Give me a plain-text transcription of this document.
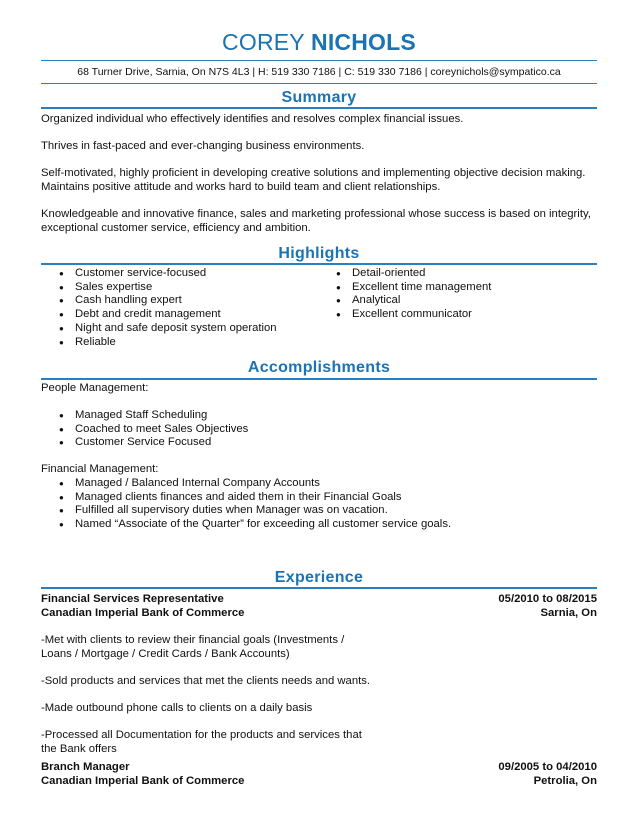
COREY NICHOLS
68 Turner Drive, Sarnia, On N7S 4L3 | H: 519 330 7186 | C: 519 330 7186 | coreynichols@sympatico.ca
Summary
Organized individual who effectively identifies and resolves complex financial issues.
Thrives in fast-paced and ever-changing business environments.
Self-motivated, highly proficient in developing creative solutions and implementing objective decision making. Maintains positive attitude and works hard to build team and client relationships.
Knowledgeable and innovative finance, sales and marketing professional whose success is based on integrity, exceptional customer service, efficiency and ambition.
Highlights
● Customer service-focused
● Sales expertise
● Cash handling expert
● Debt and credit management
● Night and safe deposit system operation
● Reliable
● Detail-oriented
● Excellent time management
● Analytical
● Excellent communicator
Accomplishments
People Management:
● Managed Staff Scheduling
● Coached to meet Sales Objectives
● Customer Service Focused
Financial Management:
● Managed / Balanced Internal Company Accounts
● Managed clients finances and aided them in their Financial Goals
● Fulfilled all supervisory duties when Manager was on vacation.
● Named “Associate of the Quarter” for exceeding all customer service goals.
Experience
Financial Services Representative	05/2010 to 08/2015
Canadian Imperial Bank of Commerce	Sarnia, On
-Met with clients to review their financial goals (Investments / Loans / Mortgage / Credit Cards / Bank Accounts)
-Sold products and services that met the clients needs and wants.
-Made outbound phone calls to clients on a daily basis
-Processed all Documentation for the products and services that the Bank offers
Branch Manager	09/2005 to 04/2010
Canadian Imperial Bank of Commerce	Petrolia, On
